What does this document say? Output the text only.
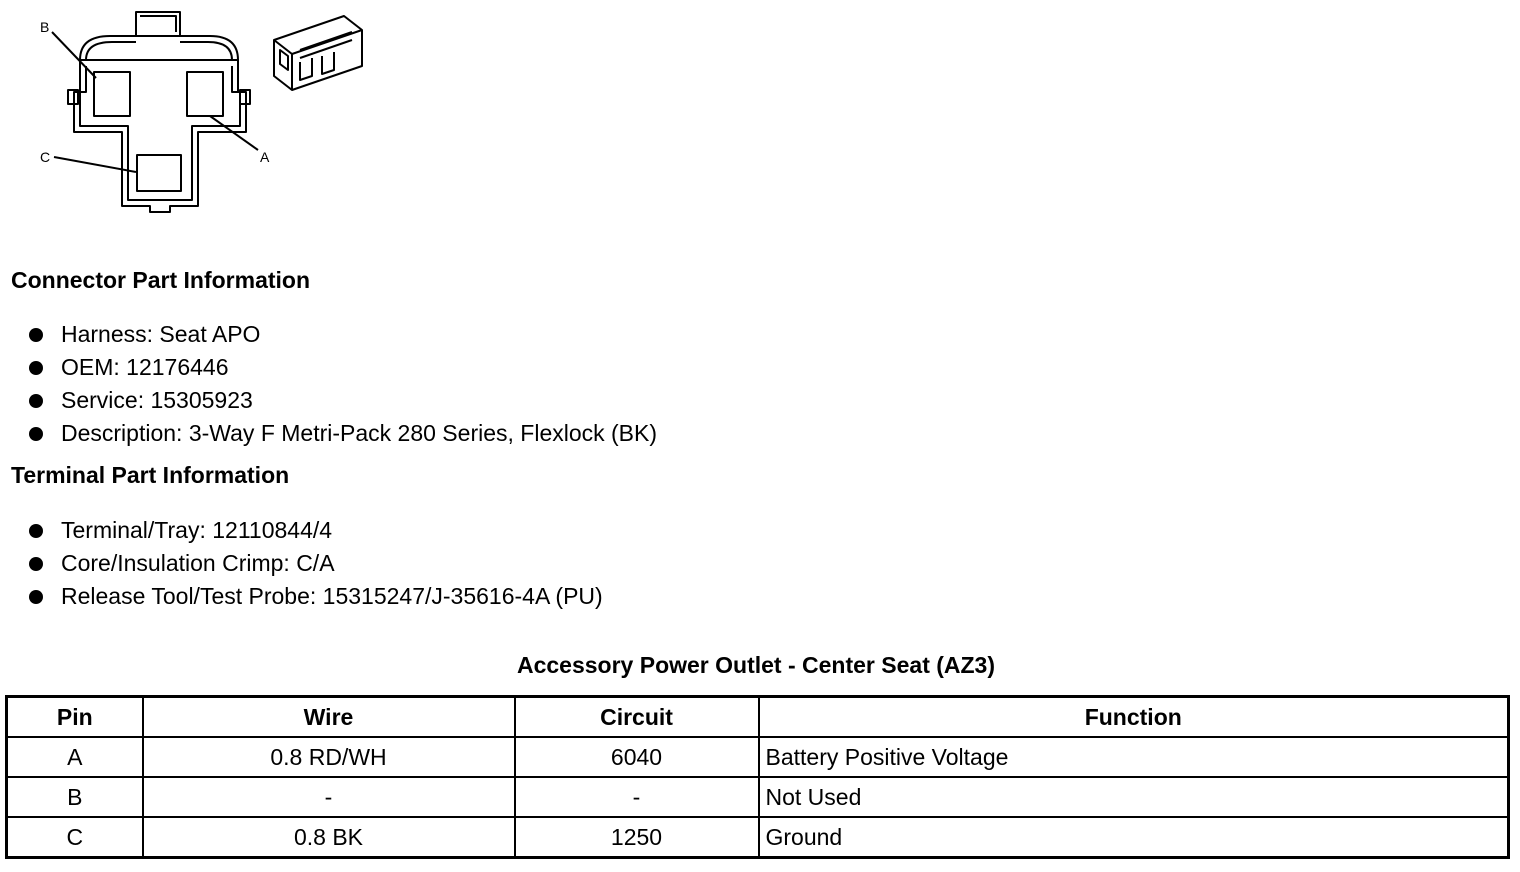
B
A
C
Connector Part Information
Harness: Seat APO
OEM: 12176446
Service: 15305923
Description: 3-Way F Metri-Pack 280 Series, Flexlock (BK)
Terminal Part Information
Terminal/Tray: 12110844/4
Core/Insulation Crimp: C/A
Release Tool/Test Probe: 15315247/J-35616-4A (PU)
Accessory Power Outlet - Center Seat (AZ3)
Pin	Wire	Circuit	Function
A	0.8 RD/WH	6040	Battery Positive Voltage
B	-	-	Not Used
C	0.8 BK	1250	Ground
